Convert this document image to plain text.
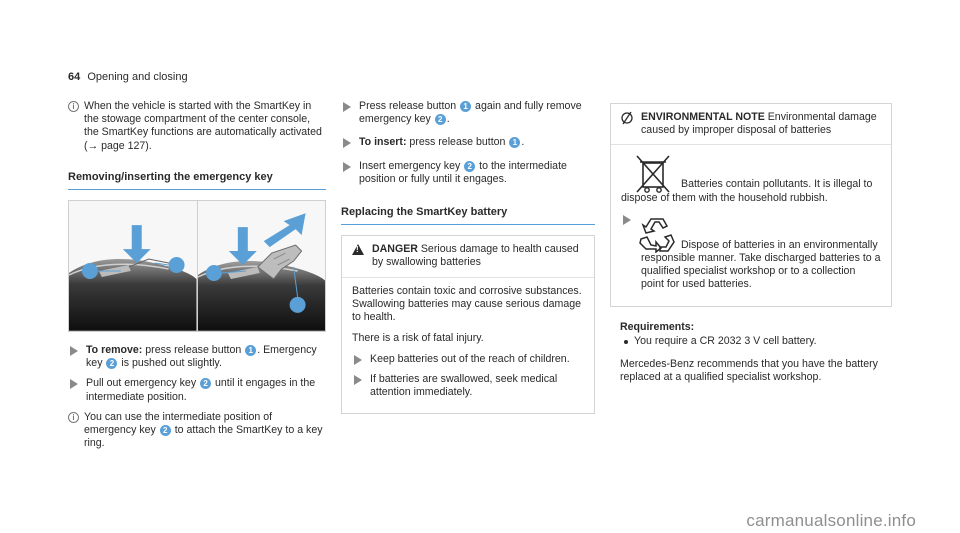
64 Opening and closing
i When the vehicle is started with the SmartKey in the stowage compartment of the center console, the SmartKey functions are automatically activated (→ page 127).
Removing/inserting the emergency key
To remove: press release button 1 . Emergency key 2 is pushed out slightly.
Pull out emergency key 2 until it engages in the intermediate position.
i You can use the intermediate position of emergency key 2 to attach the SmartKey to a key ring.
Press release button 1 again and fully remove emergency key 2 .
To insert: press release button 1 .
Insert emergency key 2 to the intermediate position or fully until it engages.
Replacing the SmartKey battery
!
DANGER Serious damage to health caused by swallowing batteries

Batteries contain toxic and corrosive substances. Swallowing batteries may cause serious damage to health.

There is a risk of fatal injury.

Keep batteries out of the reach of children.
If batteries are swallowed, seek medical attention immediately.
ENVIRONMENTAL NOTE Environmental damage caused by improper disposal of batteries
Batteries contain pollutants. It is illegal to dispose of them with the household rubbish.
Dispose of batteries in an environmentally responsible manner. Take discharged batteries to a qualified specialist workshop or to a collection point for used batteries.
Requirements:
You require a CR 2032 3 V cell battery.

Mercedes-Benz recommends that you have the battery replaced at a qualified specialist workshop.

carmanualsonline.info
